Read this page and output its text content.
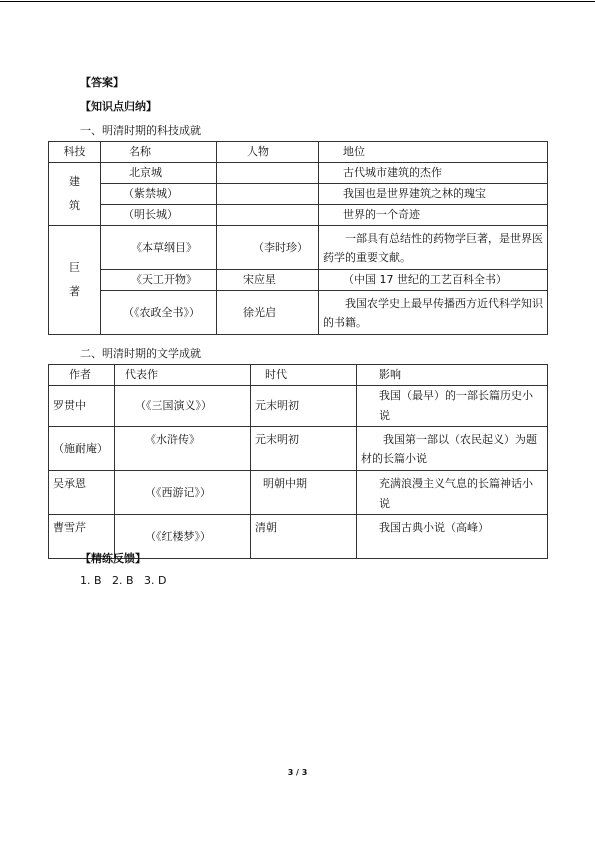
【答案】
【知识点归纳】
一、明清时期的科技成就
科技	名称	人物	地位

建
筑	北京城		古代城市建筑的杰作
	（紫禁城）		我国也是世界建筑之林的瑰宝
	（明长城）		世界的一个奇迹

巨
著	《本草纲目》	（李时珍）	一部具有总结性的药物学巨著，是世界医药学的重要文献。
	《天工开物》	宋应星	（中国 17 世纪的工艺百科全书）
	（《农政全书》）	徐光启	我国农学史上最早传播西方近代科学知识的书籍。
二、明清时期的文学成就
作者	代表作	时代	影响
罗贯中	（《三国演义》）	元末明初	我国（最早）的一部长篇历史小说
（施耐庵）	《水浒传》	元末明初	我国第一部以（农民起义）为题材的长篇小说
吴承恩	（《西游记》）	明朝中期	充满浪漫主义气息的长篇神话小说
曹雪芹	（《红楼梦》）	清朝	我国古典小说（高峰）
【精练反馈】
1. B   2. B   3. D
3 / 3
